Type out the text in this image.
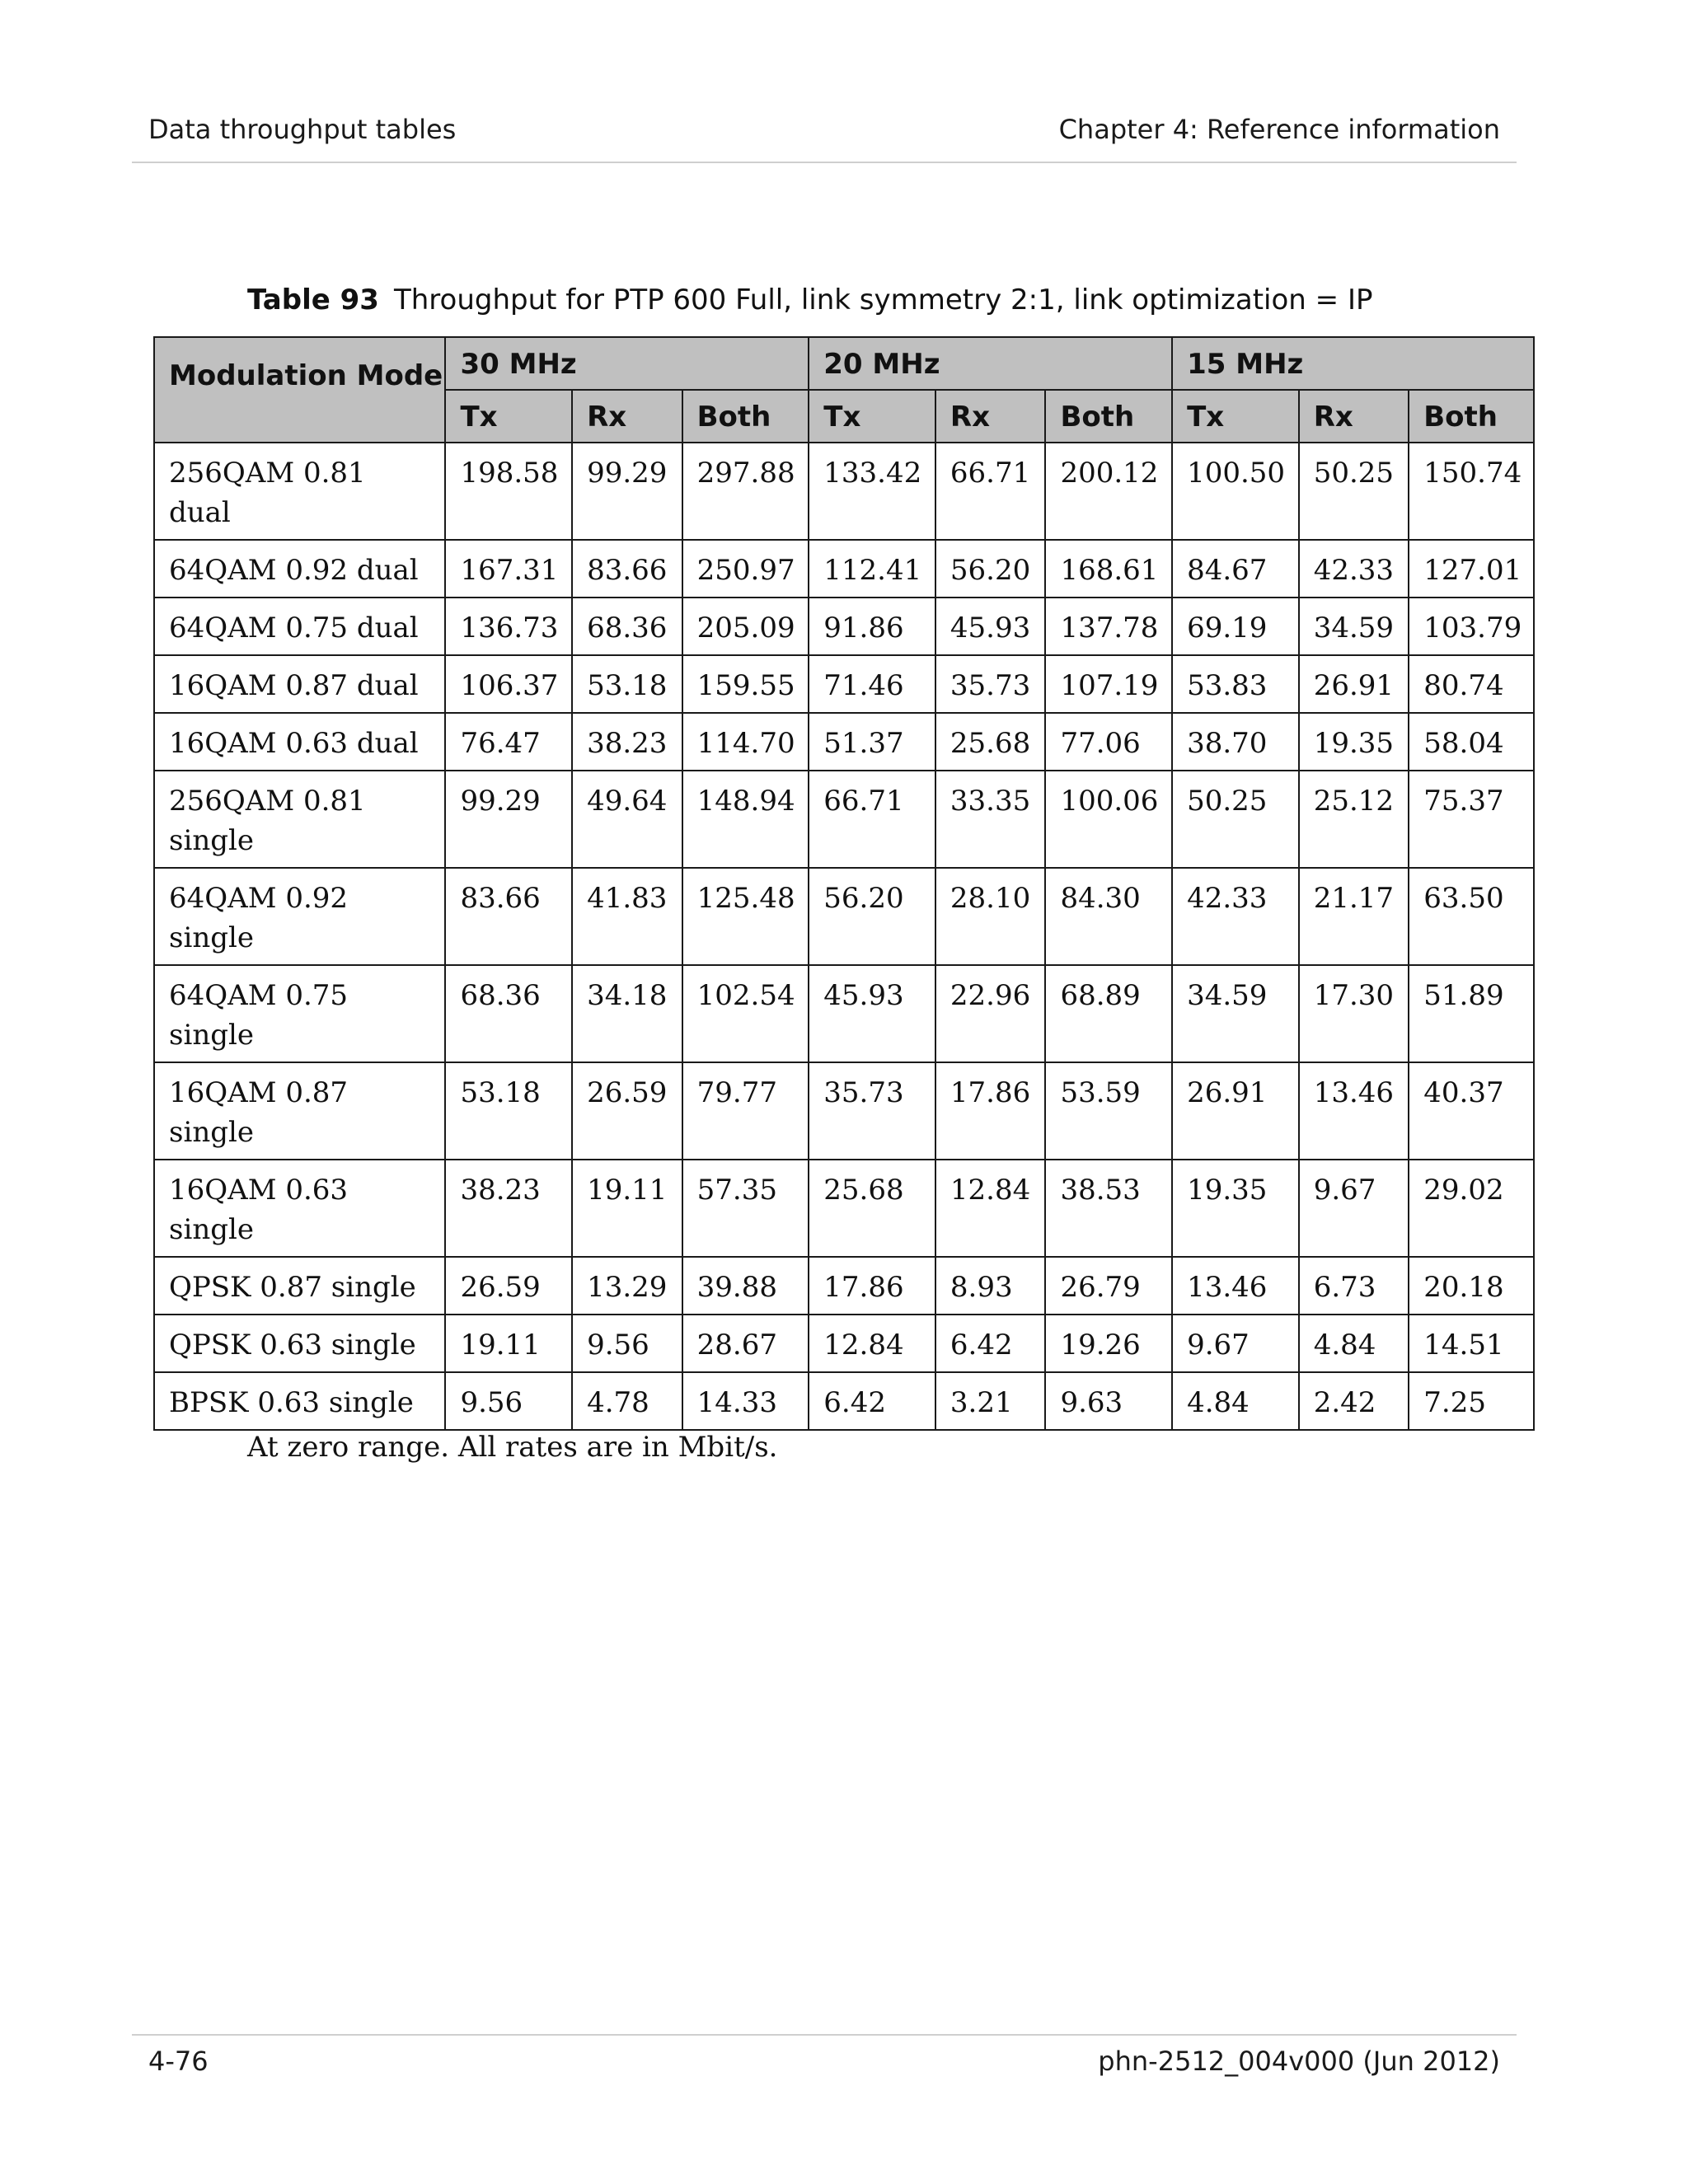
Data throughput tables	Chapter 4: Reference information
Table 93 Throughput for PTP 600 Full, link symmetry 2:1, link optimization = IP
Modulation Mode	30 MHz			20 MHz			15 MHz		
	Tx	Rx	Both	Tx	Rx	Both	Tx	Rx	Both
256QAM 0.81 dual	198.58	99.29	297.88	133.42	66.71	200.12	100.50	50.25	150.74
64QAM 0.92 dual	167.31	83.66	250.97	112.41	56.20	168.61	84.67	42.33	127.01
64QAM 0.75 dual	136.73	68.36	205.09	91.86	45.93	137.78	69.19	34.59	103.79
16QAM 0.87 dual	106.37	53.18	159.55	71.46	35.73	107.19	53.83	26.91	80.74
16QAM 0.63 dual	76.47	38.23	114.70	51.37	25.68	77.06	38.70	19.35	58.04
256QAM 0.81 single	99.29	49.64	148.94	66.71	33.35	100.06	50.25	25.12	75.37
64QAM 0.92 single	83.66	41.83	125.48	56.20	28.10	84.30	42.33	21.17	63.50
64QAM 0.75 single	68.36	34.18	102.54	45.93	22.96	68.89	34.59	17.30	51.89
16QAM 0.87 single	53.18	26.59	79.77	35.73	17.86	53.59	26.91	13.46	40.37
16QAM 0.63 single	38.23	19.11	57.35	25.68	12.84	38.53	19.35	9.67	29.02
QPSK 0.87 single	26.59	13.29	39.88	17.86	8.93	26.79	13.46	6.73	20.18
QPSK 0.63 single	19.11	9.56	28.67	12.84	6.42	19.26	9.67	4.84	14.51
BPSK 0.63 single	9.56	4.78	14.33	6.42	3.21	9.63	4.84	2.42	7.25
At zero range. All rates are in Mbit/s.
4-76	phn-2512_004v000 (Jun 2012)
